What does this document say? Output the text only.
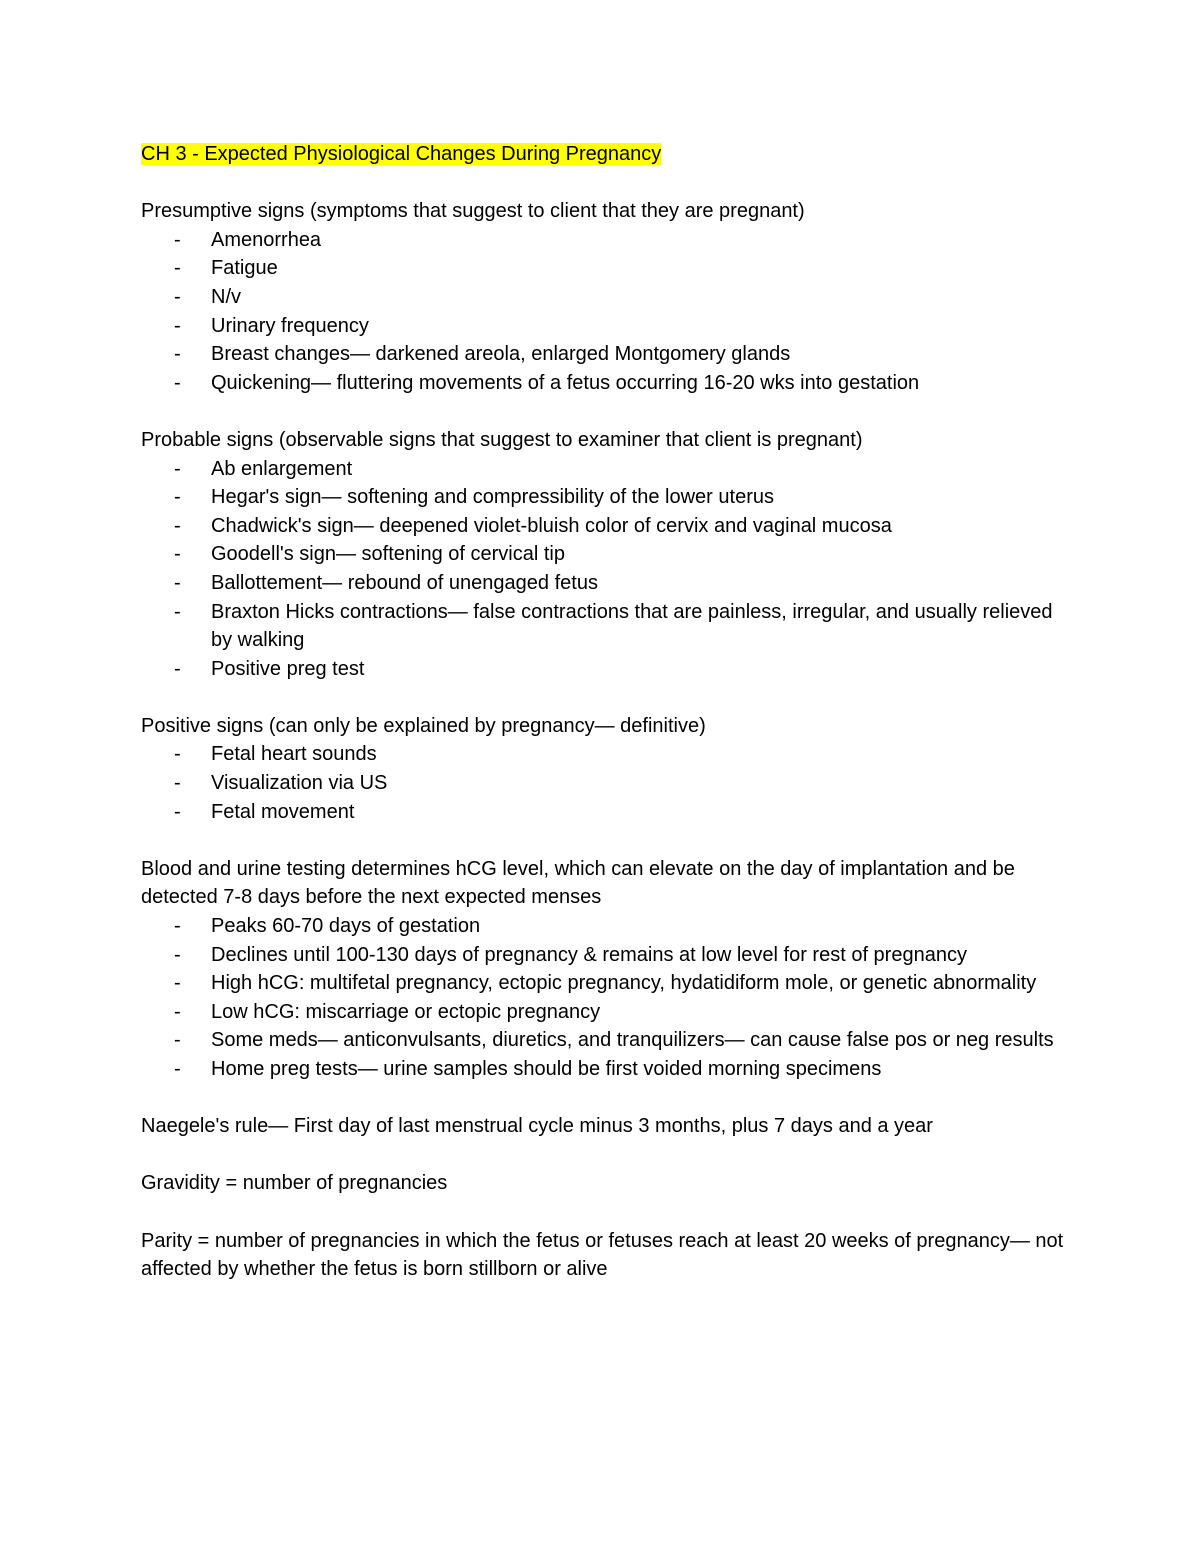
CH 3 - Expected Physiological Changes During Pregnancy

Presumptive signs (symptoms that suggest to client that they are pregnant)

- Amenorrhea
- Fatigue
- N/v
- Urinary frequency
- Breast changes— darkened areola, enlarged Montgomery glands
- Quickening— fluttering movements of a fetus occurring 16-20 wks into gestation

Probable signs (observable signs that suggest to examiner that client is pregnant)

- Ab enlargement
- Hegar's sign— softening and compressibility of the lower uterus
- Chadwick's sign— deepened violet-bluish color of cervix and vaginal mucosa
- Goodell's sign— softening of cervical tip
- Ballottement— rebound of unengaged fetus
- Braxton Hicks contractions— false contractions that are painless, irregular, and usually relieved by walking
- Positive preg test

Positive signs (can only be explained by pregnancy— definitive)

- Fetal heart sounds
- Visualization via US
- Fetal movement

Blood and urine testing determines hCG level, which can elevate on the day of implantation and be detected 7-8 days before the next expected menses

- Peaks 60-70 days of gestation
- Declines until 100-130 days of pregnancy & remains at low level for rest of pregnancy
- High hCG: multifetal pregnancy, ectopic pregnancy, hydatidiform mole, or genetic abnormality
- Low hCG: miscarriage or ectopic pregnancy
- Some meds— anticonvulsants, diuretics, and tranquilizers— can cause false pos or neg results
- Home preg tests— urine samples should be first voided morning specimens

Naegele's rule— First day of last menstrual cycle minus 3 months, plus 7 days and a year

Gravidity = number of pregnancies

Parity = number of pregnancies in which the fetus or fetuses reach at least 20 weeks of pregnancy— not affected by whether the fetus is born stillborn or alive
